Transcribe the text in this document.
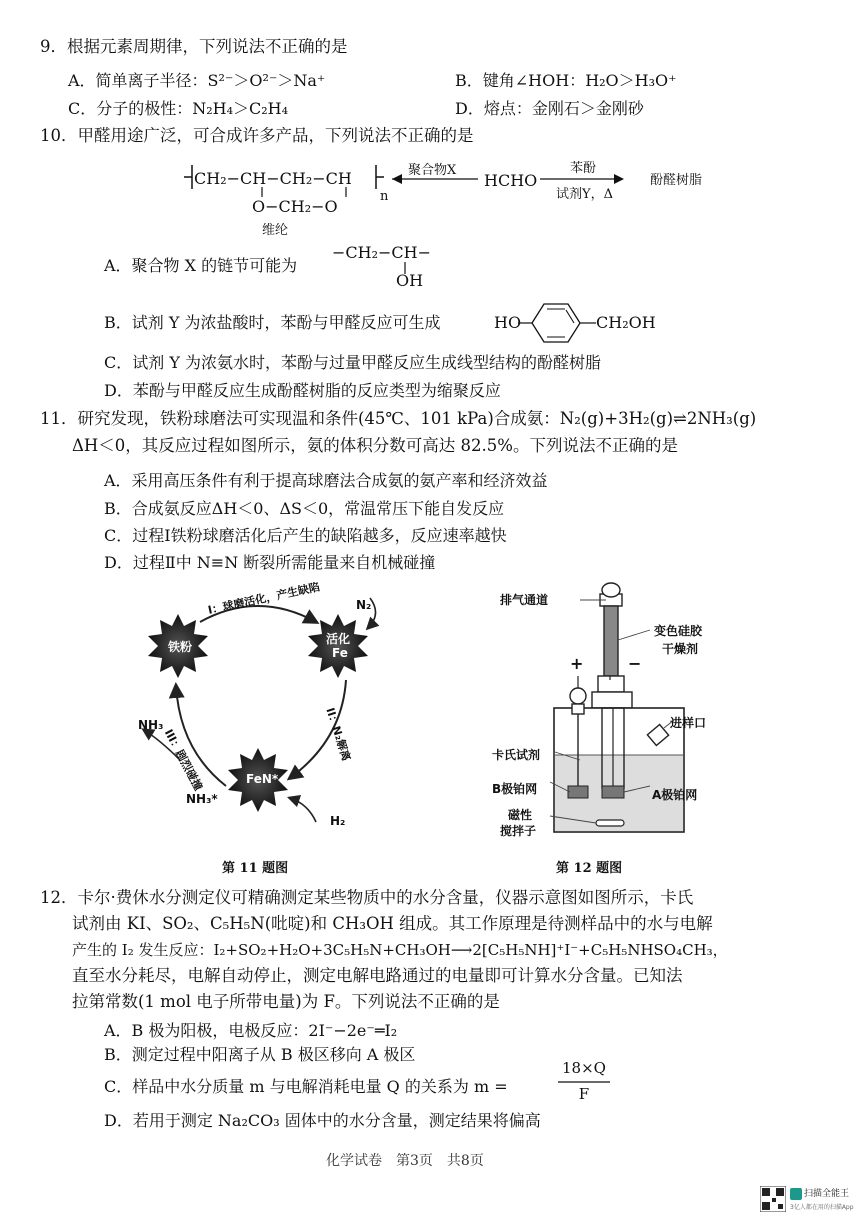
9．根据元素周期律，下列说法不正确的是
A．简单离子半径：S²⁻＞O²⁻＞Na⁺	B．键角∠HOH：H₂O＞H₃O⁺
C．分子的极性：N₂H₄＞C₂H₄	D．熔点：金刚石＞金刚砂
10．甲醛用途广泛，可合成许多产品，下列说法不正确的是
CH₂−CH−CH₂−CH
n
O−CH₂−O
维纶
聚合物X
HCHO
苯酚
试剂Y，Δ
酚醛树脂
A．聚合物 X 的链节可能为
−CH₂−CH−
OH
B．试剂 Y 为浓盐酸时，苯酚与甲醛反应可生成	HO	CH₂OH
C．试剂 Y 为浓氨水时，苯酚与过量甲醛反应生成线型结构的酚醛树脂
D．苯酚与甲醛反应生成酚醛树脂的反应类型为缩聚反应
11．研究发现，铁粉球磨法可实现温和条件(45℃、101 kPa)合成氨：N₂(g)+3H₂(g)⇌2NH₃(g)
ΔH＜0，其反应过程如图所示，氨的体积分数可高达 82.5%。下列说法不正确的是
A．采用高压条件有利于提高球磨法合成氨的氨产率和经济效益
B．合成氨反应ΔH＜0、ΔS＜0，常温常压下能自发反应
C．过程Ⅰ铁粉球磨活化后产生的缺陷越多，反应速率越快
D．过程Ⅱ中 N≡N 断裂所需能量来自机械碰撞
铁粉
活化
Fe
FeN*
I：球磨活化，产生缺陷
II：N₂解离
III：剧烈碰撞
N₂
H₂
NH₃
NH₃*
第 11 题图
排气通道
变色硅胶
干燥剂
+	−
进样口
卡氏试剂
B极铂网	A极铂网
磁性
搅拌子
第 12 题图
12．卡尔·费休水分测定仪可精确测定某些物质中的水分含量，仪器示意图如图所示，卡氏
试剂由 KI、SO₂、C₅H₅N(吡啶)和 CH₃OH 组成。其工作原理是待测样品中的水与电解
产生的 I₂ 发生反应：I₂+SO₂+H₂O+3C₅H₅N+CH₃OH⟶2[C₅H₅NH]⁺I⁻+C₅H₅NHSO₄CH₃，
直至水分耗尽，电解自动停止，测定电解电路通过的电量即可计算水分含量。已知法
拉第常数(1 mol 电子所带电量)为 F。下列说法不正确的是
A．B 极为阳极，电极反应：2I⁻−2e⁻═I₂
B．测定过程中阳离子从 B 极区移向 A 极区
C．样品中水分质量 m 与电解消耗电量 Q 的关系为 m =
18×Q
F
D．若用于测定 Na₂CO₃ 固体中的水分含量，测定结果将偏高
化学试卷　第3页　共8页
扫描全能王
3亿人都在用的扫描App
